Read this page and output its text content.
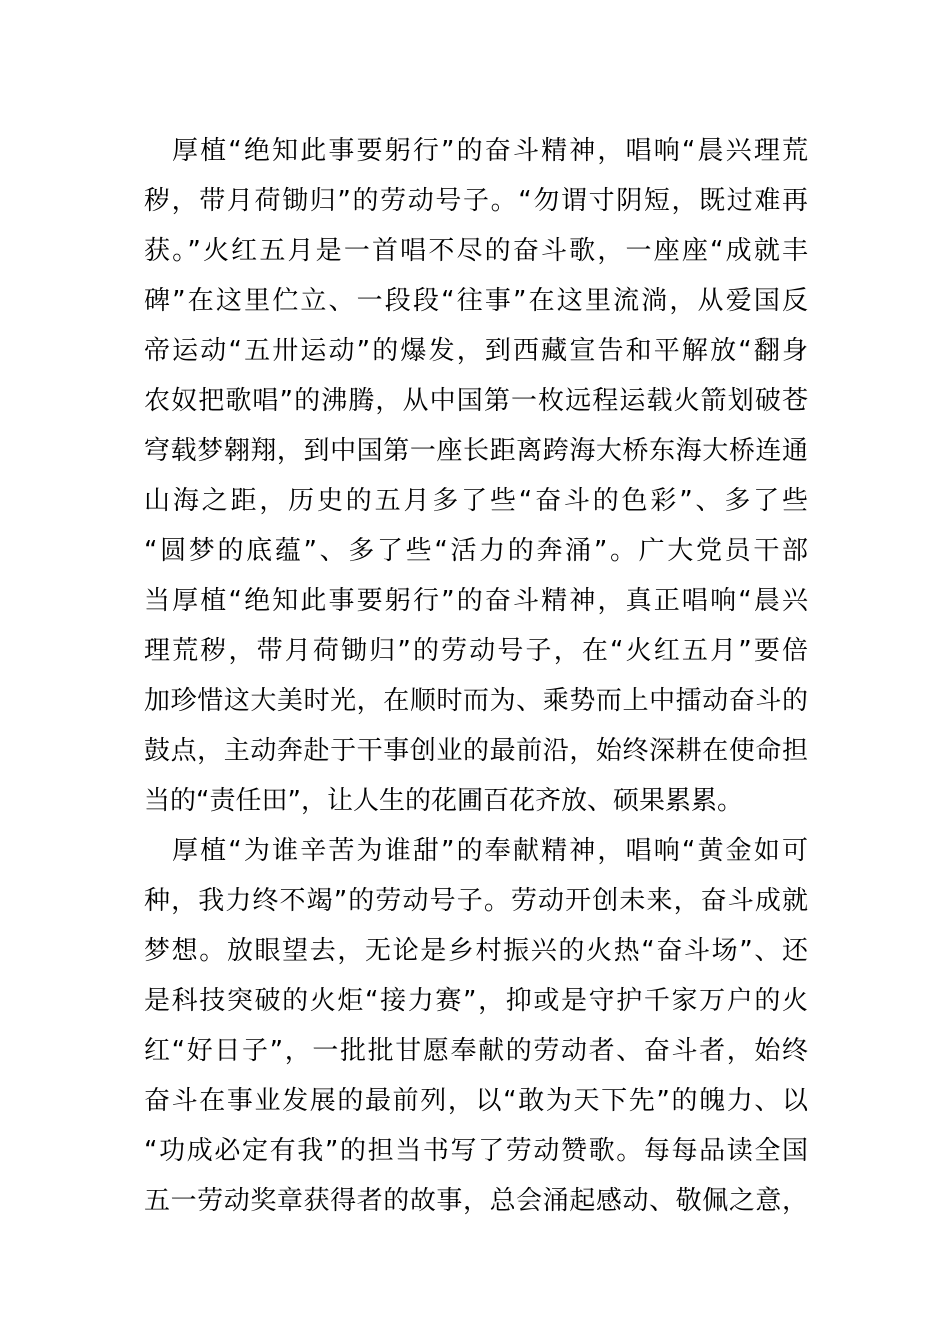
厚植“绝知此事要躬行”的奋斗精神，唱响“晨兴理荒
秽，带月荷锄归”的劳动号子。“勿谓寸阴短，既过难再
获。”火红五月是一首唱不尽的奋斗歌，一座座“成就丰
碑”在这里伫立、一段段“往事”在这里流淌，从爱国反
帝运动“五卅运动”的爆发，到西藏宣告和平解放“翻身
农奴把歌唱”的沸腾，从中国第一枚远程运载火箭划破苍
穹载梦翱翔，到中国第一座长距离跨海大桥东海大桥连通
山海之距，历史的五月多了些“奋斗的色彩”、多了些
“圆梦的底蕴”、多了些“活力的奔涌”。广大党员干部
当厚植“绝知此事要躬行”的奋斗精神，真正唱响“晨兴
理荒秽，带月荷锄归”的劳动号子，在“火红五月”要倍
加珍惜这大美时光，在顺时而为、乘势而上中擂动奋斗的
鼓点，主动奔赴于干事创业的最前沿，始终深耕在使命担
当的“责任田”，让人生的花圃百花齐放、硕果累累。
厚植“为谁辛苦为谁甜”的奉献精神，唱响“黄金如可
种，我力终不竭”的劳动号子。劳动开创未来，奋斗成就
梦想。放眼望去，无论是乡村振兴的火热“奋斗场”、还
是科技突破的火炬“接力赛”，抑或是守护千家万户的火
红“好日子”，一批批甘愿奉献的劳动者、奋斗者，始终
奋斗在事业发展的最前列，以“敢为天下先”的魄力、以
“功成必定有我”的担当书写了劳动赞歌。每每品读全国
五一劳动奖章获得者的故事，总会涌起感动、敬佩之意，
